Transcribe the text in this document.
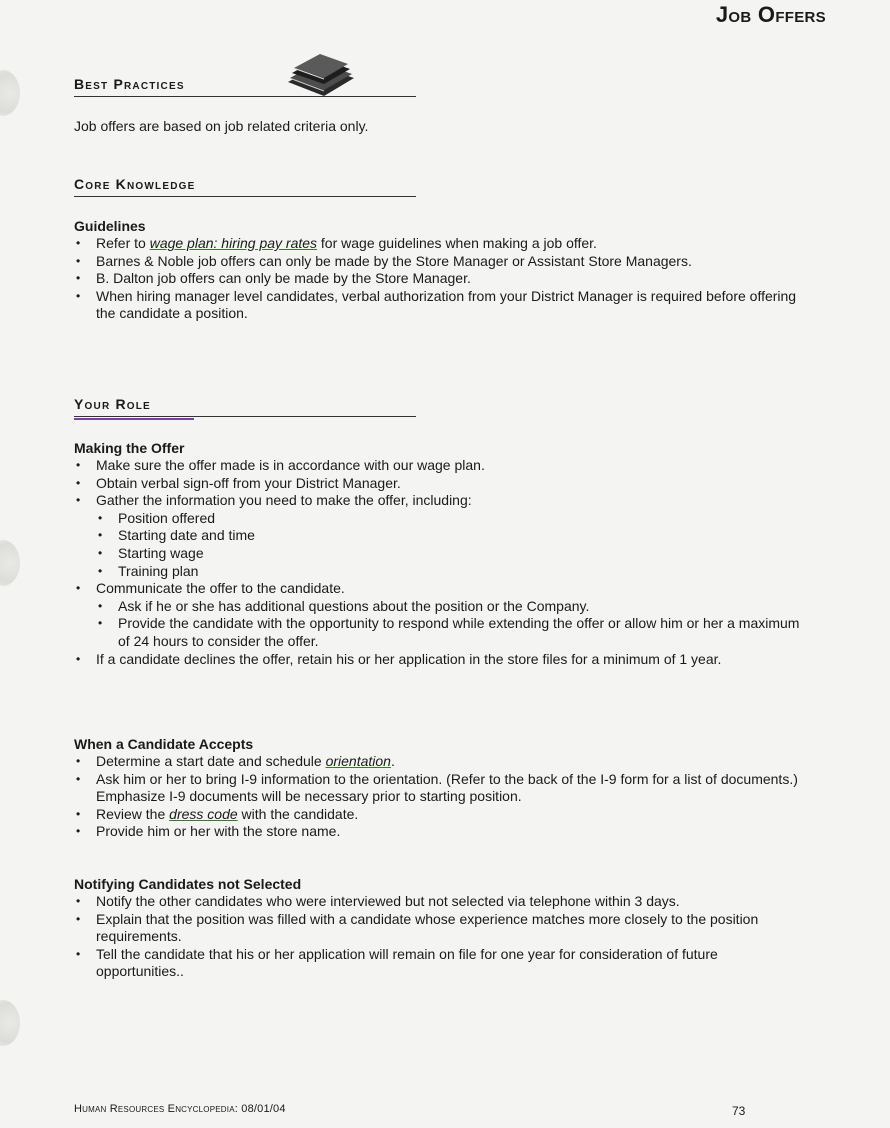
Job Offers
Best Practices
Job offers are based on job related criteria only.
Core Knowledge
Guidelines
• Refer to wage plan: hiring pay rates for wage guidelines when making a job offer.
• Barnes & Noble job offers can only be made by the Store Manager or Assistant Store Managers.
• B. Dalton job offers can only be made by the Store Manager.
• When hiring manager level candidates, verbal authorization from your District Manager is required before offering the candidate a position.
Your Role
Making the Offer
• Make sure the offer made is in accordance with our wage plan.
• Obtain verbal sign-off from your District Manager.
• Gather the information you need to make the offer, including:
• Position offered
• Starting date and time
• Starting wage
• Training plan
• Communicate the offer to the candidate.
• Ask if he or she has additional questions about the position or the Company.
• Provide the candidate with the opportunity to respond while extending the offer or allow him or her a maximum of 24 hours to consider the offer.
• If a candidate declines the offer, retain his or her application in the store files for a minimum of 1 year.
When a Candidate Accepts
• Determine a start date and schedule orientation.
• Ask him or her to bring I-9 information to the orientation. (Refer to the back of the I-9 form for a list of documents.) Emphasize I-9 documents will be necessary prior to starting position.
• Review the dress code with the candidate.
• Provide him or her with the store name.
Notifying Candidates not Selected
• Notify the other candidates who were interviewed but not selected via telephone within 3 days.
• Explain that the position was filled with a candidate whose experience matches more closely to the position requirements.
• Tell the candidate that his or her application will remain on file for one year for consideration of future opportunities..
Human Resources Encyclopedia: 08/01/04	73
